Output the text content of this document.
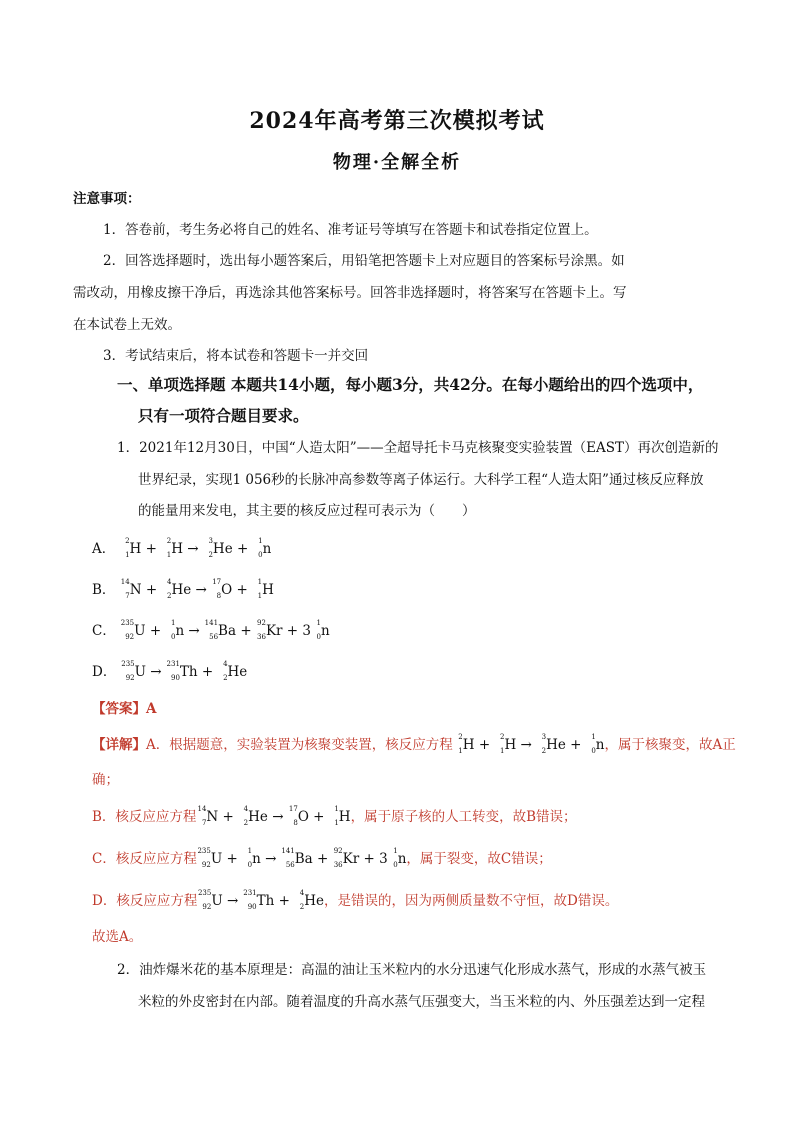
2024年高考第三次模拟考试
物理·全解全析
注意事项：
1．答卷前，考生务必将自己的姓名、准考证号等填写在答题卡和试卷指定位置上。
2．回答选择题时，选出每小题答案后，用铅笔把答题卡上对应题目的答案标号涂黑。如
需改动，用橡皮擦干净后，再选涂其他答案标号。回答非选择题时，将答案写在答题卡上。写
在本试卷上无效。
3．考试结束后，将本试卷和答题卡一并交回
一、单项选择题 本题共14小题，每小题3分，共42分。在每小题给出的四个选项中，
只有一项符合题目要求。
1．2021年12月30日，中国“人造太阳”——全超导托卡马克核聚变实验装置（EAST）再次创造新的
世界纪录，实现1 056秒的长脉冲高参数等离子体运行。大科学工程“人造太阳”通过核反应释放
的能量用来发电，其主要的核反应过程可表示为（　　）
A．	2
1 H + 2
1 H → 3
2 He + 1
0 n
B． 14
7 N + 4
2 He → 17
8 O + 1
1 H
C． 235
92 U + 1
0 n → 141
56 Ba + 92
36 Kr + 3 1
0 n
D． 235
92 U → 231
90 Th + 4
2 He
【答案】A
【详解】A．根据题意，实验装置为核聚变装置，核反应方程 2
1 H + 2
1 H → 3
2 He + 1
0 n，属于核聚变，故A正
确；
B．核反应应方程 14
7 N + 4
2 He → 17
8 O + 1
1 H，属于原子核的人工转变，故B错误；
C．核反应应方程 235
92 U + 1
0 n → 141
56 Ba + 92
36 Kr + 3 1
0 n，属于裂变，故C错误；
D．核反应应方程 235
92 U → 231
90 Th + 4
2 He，是错误的，因为两侧质量数不守恒，故D错误。
故选A。
2．油炸爆米花的基本原理是：高温的油让玉米粒内的水分迅速气化形成水蒸气，形成的水蒸气被玉
米粒的外皮密封在内部。随着温度的升高水蒸气压强变大，当玉米粒的内、外压强差达到一定程
